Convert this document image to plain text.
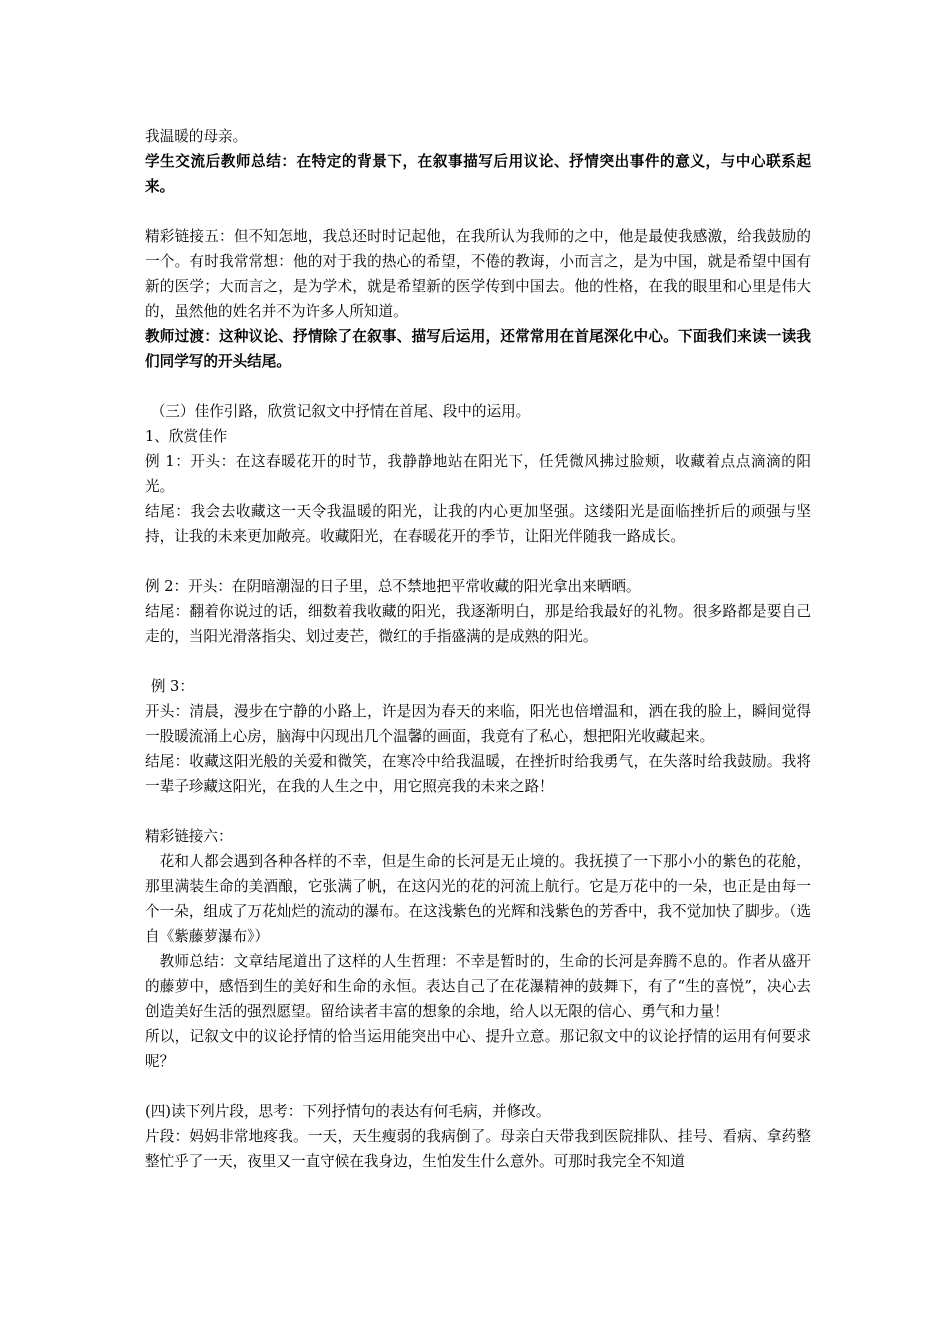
我温暖的母亲。

学生交流后教师总结：在特定的背景下，在叙事描写后用议论、抒情突出事件的意义，与中心联系起来。

精彩链接五：但不知怎地，我总还时时记起他，在我所认为我师的之中，他是最使我感激，给我鼓励的一个。有时我常常想：他的对于我的热心的希望，不倦的教诲，小而言之，是为中国，就是希望中国有新的医学；大而言之，是为学术，就是希望新的医学传到中国去。他的性格，在我的眼里和心里是伟大的，虽然他的姓名并不为许多人所知道。

教师过渡：这种议论、抒情除了在叙事、描写后运用，还常常用在首尾深化中心。下面我们来读一读我们同学写的开头结尾。

（三）佳作引路，欣赏记叙文中抒情在首尾、段中的运用。

1、欣赏佳作

例 1：开头：在这春暖花开的时节，我静静地站在阳光下，任凭微风拂过脸颊，收藏着点点滴滴的阳光。

结尾：我会去收藏这一天令我温暖的阳光，让我的内心更加坚强。这缕阳光是面临挫折后的顽强与坚持，让我的未来更加敞亮。收藏阳光，在春暖花开的季节，让阳光伴随我一路成长。

例 2：开头：在阴暗潮湿的日子里，总不禁地把平常收藏的阳光拿出来晒晒。

结尾：翻着你说过的话，细数着我收藏的阳光，我逐渐明白，那是给我最好的礼物。很多路都是要自己走的，当阳光滑落指尖、划过麦芒，微红的手指盛满的是成熟的阳光。

例 3：

开头：清晨，漫步在宁静的小路上，许是因为春天的来临，阳光也倍增温和，洒在我的脸上，瞬间觉得一股暖流涌上心房，脑海中闪现出几个温馨的画面，我竟有了私心，想把阳光收藏起来。

结尾：收藏这阳光般的关爱和微笑，在寒冷中给我温暖，在挫折时给我勇气，在失落时给我鼓励。我将一辈子珍藏这阳光，在我的人生之中，用它照亮我的未来之路！

精彩链接六：

花和人都会遇到各种各样的不幸，但是生命的长河是无止境的。我抚摸了一下那小小的紫色的花舱，那里满装生命的美酒酿，它张满了帆，在这闪光的花的河流上航行。它是万花中的一朵，也正是由每一个一朵，组成了万花灿烂的流动的瀑布。在这浅紫色的光辉和浅紫色的芳香中，我不觉加快了脚步。（选自《紫藤萝瀑布》）

教师总结：文章结尾道出了这样的人生哲理：不幸是暂时的，生命的长河是奔腾不息的。作者从盛开的藤萝中，感悟到生的美好和生命的永恒。表达自己了在花瀑精神的鼓舞下，有了“生的喜悦”，决心去创造美好生活的强烈愿望。留给读者丰富的想象的余地，给人以无限的信心、勇气和力量！

所以，记叙文中的议论抒情的恰当运用能突出中心、提升立意。那记叙文中的议论抒情的运用有何要求呢？

(四)读下列片段，思考：下列抒情句的表达有何毛病，并修改。

片段：妈妈非常地疼我。一天，天生瘦弱的我病倒了。母亲白天带我到医院排队、挂号、看病、拿药整整忙乎了一天，夜里又一直守候在我身边，生怕发生什么意外。可那时我完全不知道
